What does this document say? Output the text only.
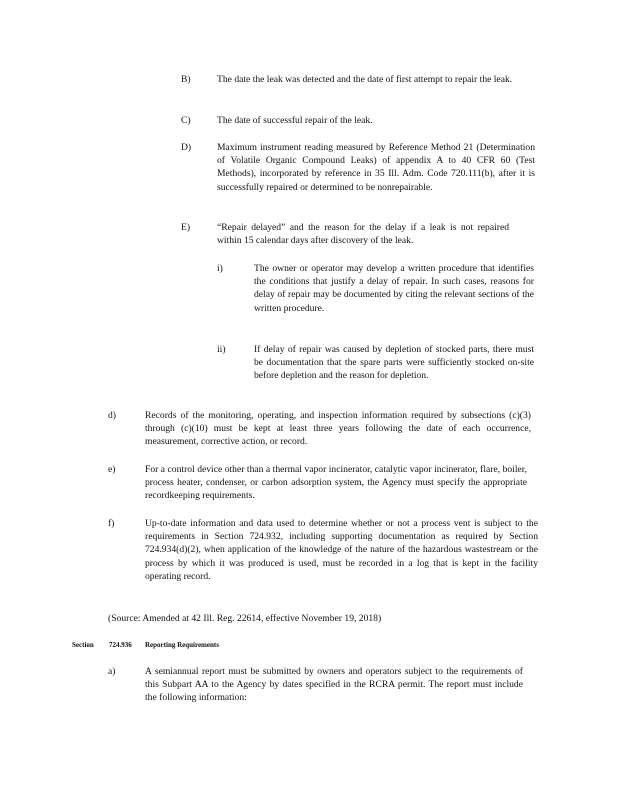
B)	The date the leak was detected and the date of first attempt to repair the leak.
C)	The date of successful repair of the leak.
D)	Maximum instrument reading measured by Reference Method 21 (Determination of Volatile Organic Compound Leaks) of appendix A to 40 CFR 60 (Test Methods), incorporated by reference in 35 Ill. Adm. Code 720.111(b), after it is successfully repaired or determined to be nonrepairable.
E)	“Repair delayed” and the reason for the delay if a leak is not repaired within 15 calendar days after discovery of the leak.
i)	The owner or operator may develop a written procedure that identifies the conditions that justify a delay of repair. In such cases, reasons for delay of repair may be documented by citing the relevant sections of the written procedure.
ii)	If delay of repair was caused by depletion of stocked parts, there must be documentation that the spare parts were sufficiently stocked on-site before depletion and the reason for depletion.
d)	Records of the monitoring, operating, and inspection information required by subsections (c)(3) through (c)(10) must be kept at least three years following the date of each occurrence, measurement, corrective action, or record.
e)	For a control device other than a thermal vapor incinerator, catalytic vapor incinerator, flare, boiler, process heater, condenser, or carbon adsorption system, the Agency must specify the appropriate recordkeeping requirements.
f)	Up-to-date information and data used to determine whether or not a process vent is subject to the requirements in Section 724.932, including supporting documentation as required by Section 724.934(d)(2), when application of the knowledge of the nature of the hazardous wastestream or the process by which it was produced is used, must be recorded in a log that is kept in the facility operating record.
(Source: Amended at 42 Ill. Reg. 22614, effective November 19, 2018)
Section 724.936 Reporting Requirements
a)	A semiannual report must be submitted by owners and operators subject to the requirements of this Subpart AA to the Agency by dates specified in the RCRA permit. The report must include the following information:
